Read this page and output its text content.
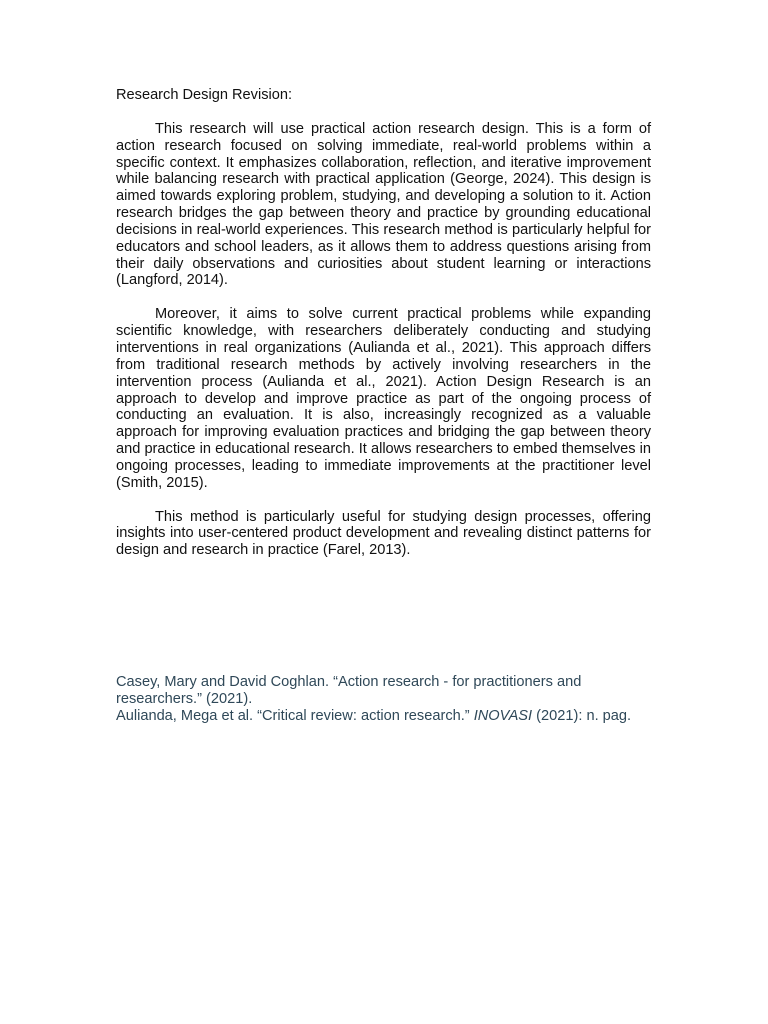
Research Design Revision:

This research will use practical action research design. This is a form of action research focused on solving immediate, real-world problems within a specific context. It emphasizes collaboration, reflection, and iterative improvement while balancing research with practical application (George, 2024). This design is aimed towards exploring problem, studying, and developing a solution to it. Action research bridges the gap between theory and practice by grounding educational decisions in real-world experiences. This research method is particularly helpful for educators and school leaders, as it allows them to address questions arising from their daily observations and curiosities about student learning or interactions (Langford, 2014).

Moreover, it aims to solve current practical problems while expanding scientific knowledge, with researchers deliberately conducting and studying interventions in real organizations (Aulianda et al., 2021). This approach differs from traditional research methods by actively involving researchers in the intervention process (Aulianda et al., 2021). Action Design Research is an approach to develop and improve practice as part of the ongoing process of conducting an evaluation. It is also, increasingly recognized as a valuable approach for improving evaluation practices and bridging the gap between theory and practice in educational research. It allows researchers to embed themselves in ongoing processes, leading to immediate improvements at the practitioner level (Smith, 2015).

This method is particularly useful for studying design processes, offering insights into user-centered product development and revealing distinct patterns for design and research in practice (Farel, 2013).

Casey, Mary and David Coghlan. “Action research - for practitioners and researchers.” (2021).

Aulianda, Mega et al. “Critical review: action research.” INOVASI (2021): n. pag.
